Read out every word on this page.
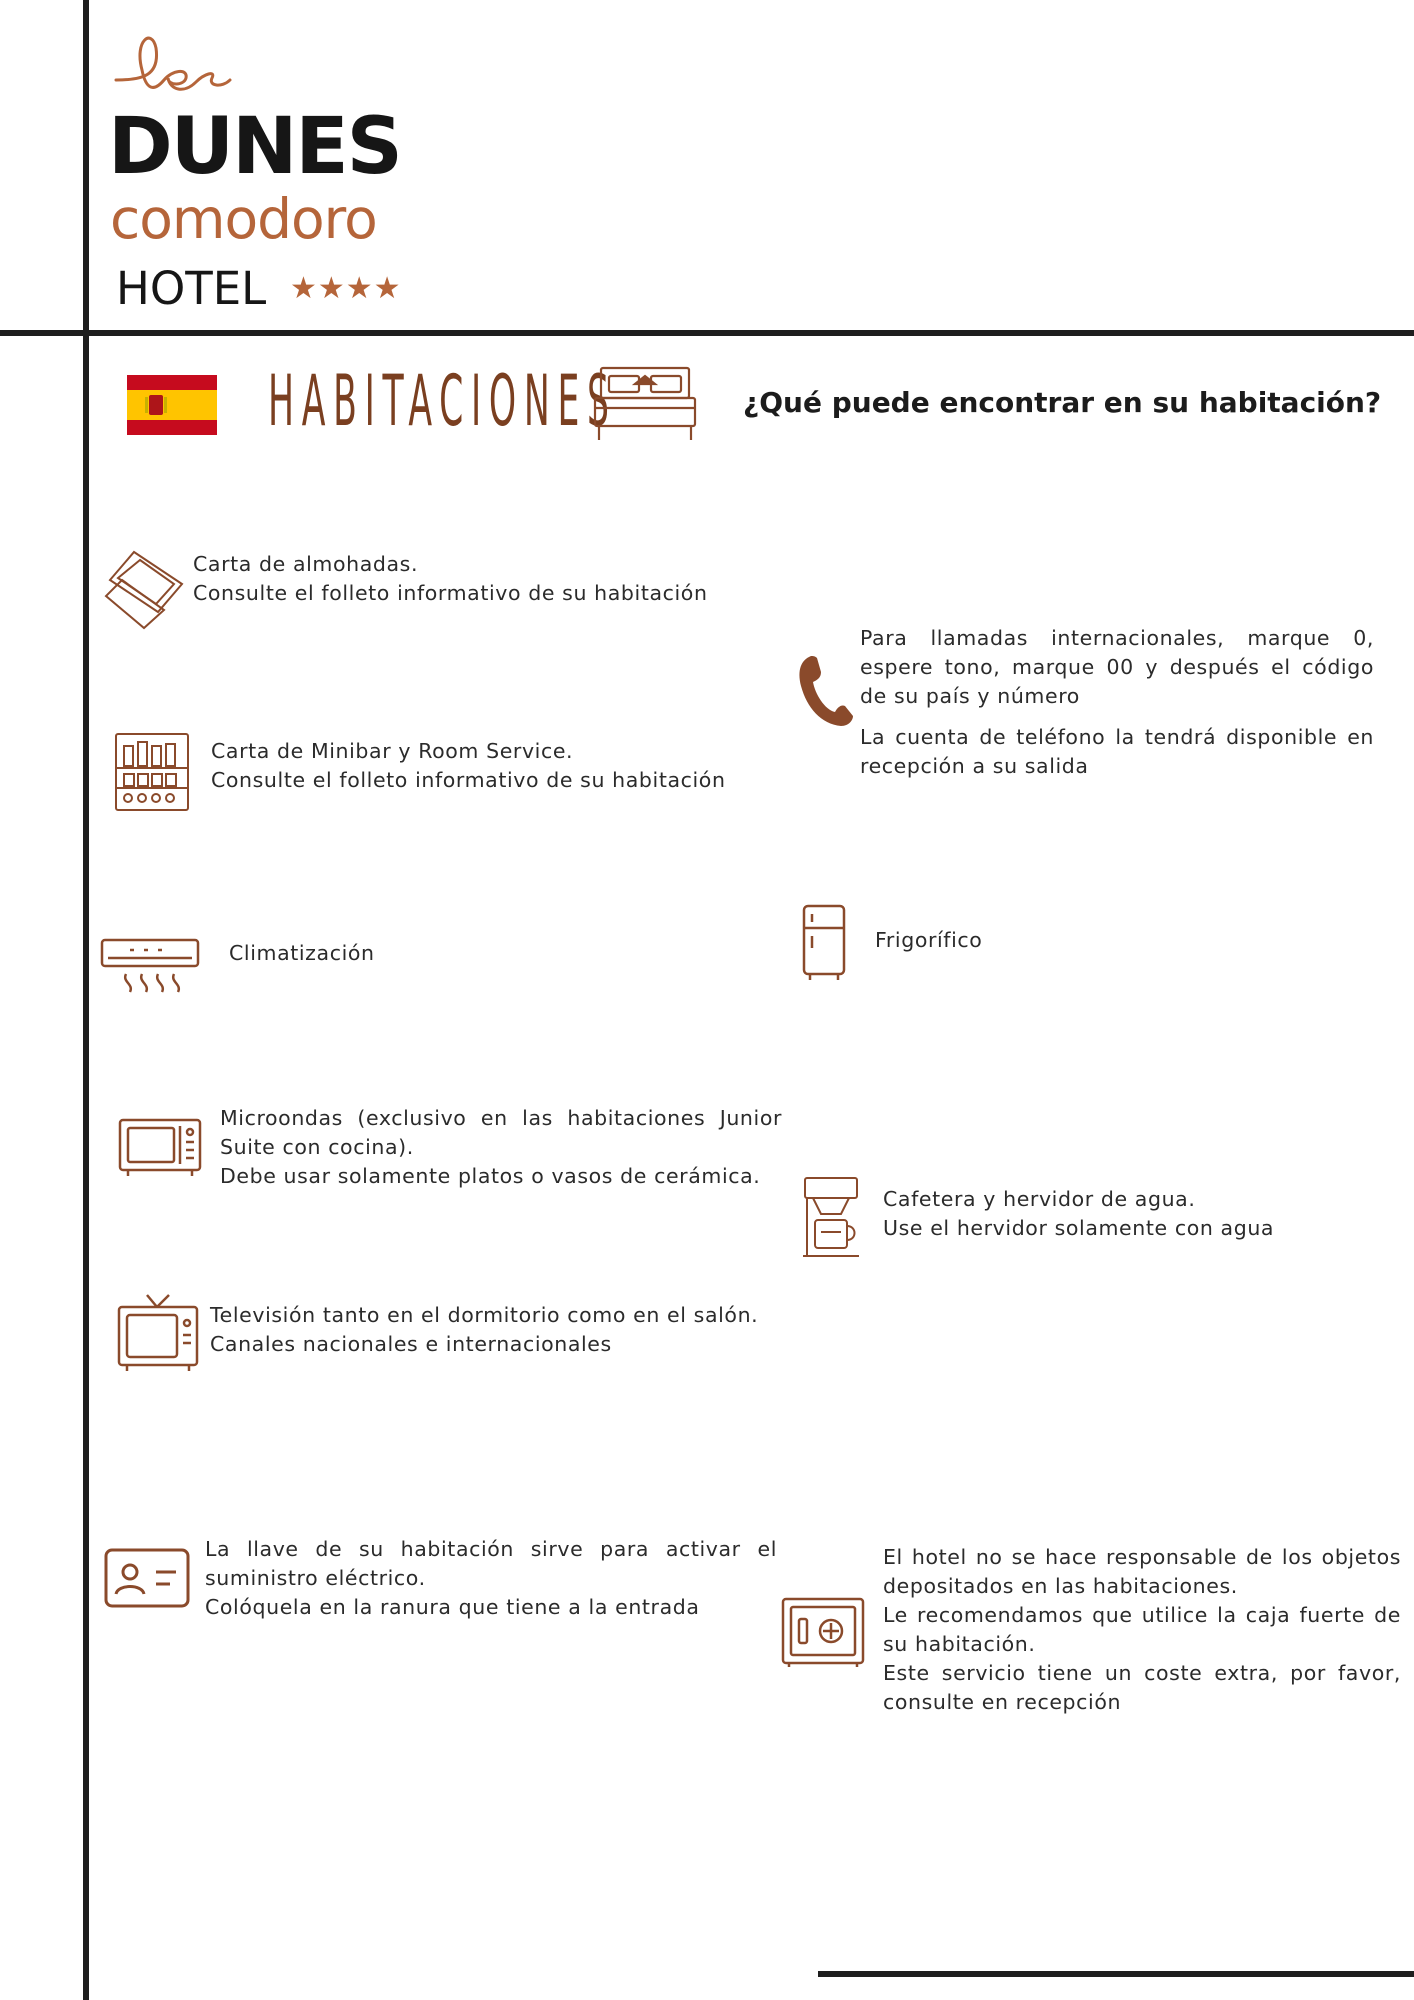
DUNES
comodoro
HOTEL ★★★★
HABITACIONES	¿Qué puede encontrar en su habitación?

Carta de almohadas.

Consulte el folleto informativo de su habitación

Para llamadas internacionales, marque 0, espere tono, marque 00 y después el código de su país y número

La cuenta de teléfono la tendrá disponible en recepción a su salida

Carta de Minibar y Room Service.

Consulte el folleto informativo de su habitación

Climatización

Frigorífico

Microondas (exclusivo en las habitaciones Junior Suite con cocina).

Debe usar solamente platos o vasos de cerámica.

Cafetera y hervidor de agua.

Use el hervidor solamente con agua

Televisión tanto en el dormitorio como en el salón.

Canales nacionales e internacionales

La llave de su habitación sirve para activar el suministro eléctrico.

Colóquela en la ranura que tiene a la entrada

El hotel no se hace responsable de los objetos depositados en las habitaciones.

Le recomendamos que utilice la caja fuerte de su habitación.

Este servicio tiene un coste extra, por favor, consulte en recepción
